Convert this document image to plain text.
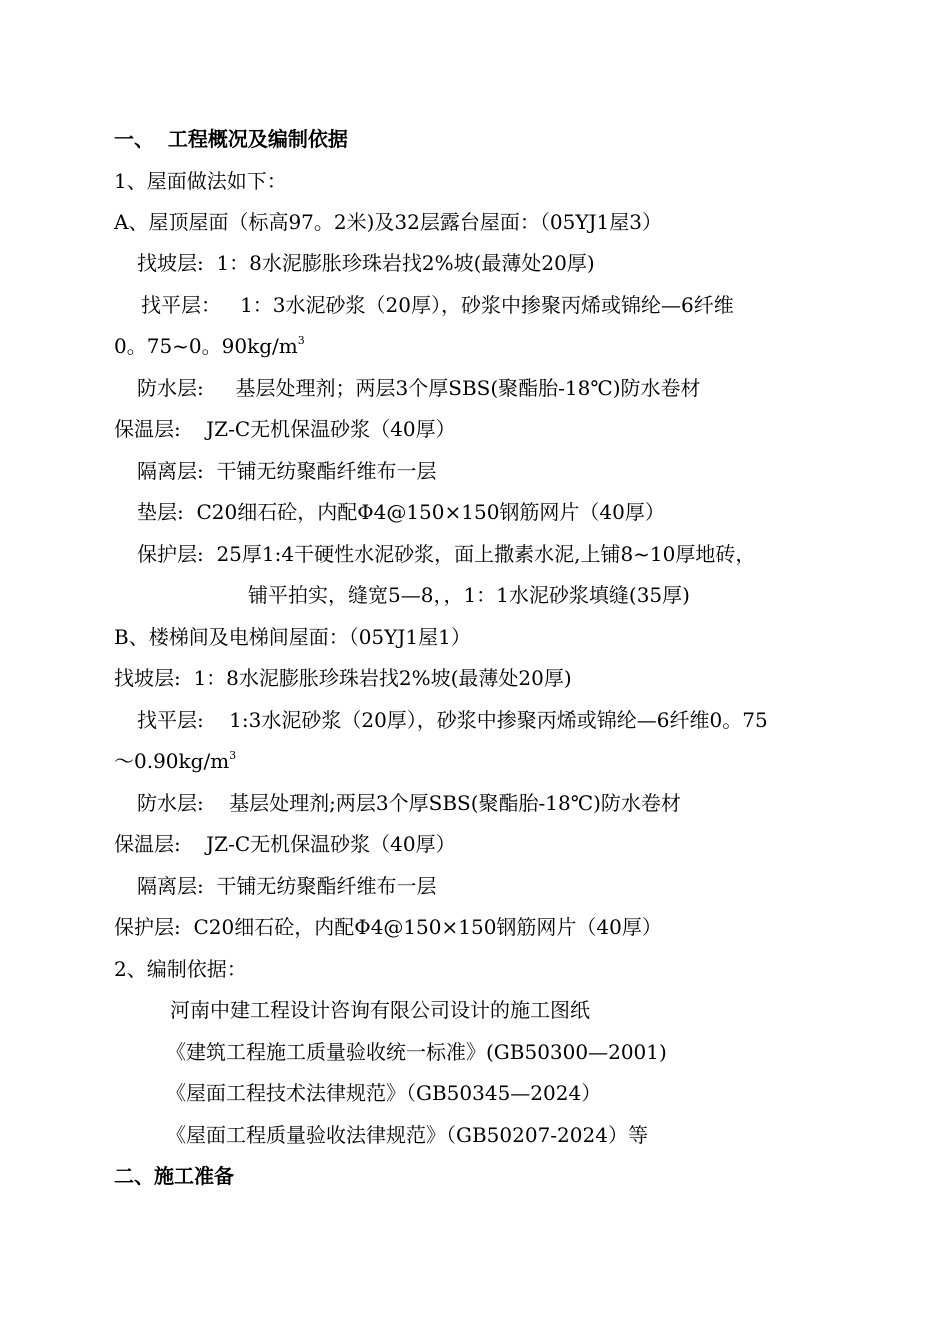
一、  工程概况及编制依据
1、屋面做法如下：
A、屋顶屋面（标高97。2米)及32层露台屋面：（05YJ1屋3）
找坡层:  1：8水泥膨胀珍珠岩找2%坡(最薄处20厚)
找平层：   1：3水泥砂浆（20厚），砂浆中掺聚丙烯或锦纶—6纤维
0。75~0。$90kg/m^3$
防水层:     基层处理剂；两层3个厚SBS(聚酯胎-18℃)防水卷材
保温层:    JZ-C无机保温砂浆（40厚）
隔离层:  干铺无纺聚酯纤维布一层
垫层:  C20细石砼，内配Φ4@150×150钢筋网片（40厚）
保护层:  25厚1:4干硬性水泥砂浆，面上撒素水泥,上铺8~10厚地砖，
铺平拍实，缝宽5—8，，1：1水泥砂浆填缝(35厚)
B、楼梯间及电梯间屋面：（05YJ1屋1）
找坡层:  1：8水泥膨胀珍珠岩找2%坡(最薄处20厚)
找平层:    1:3水泥砂浆（20厚），砂浆中掺聚丙烯或锦纶—6纤维0。75
$\sim 0.90kg/m^3$
防水层:    基层处理剂;两层3个厚SBS(聚酯胎-18℃)防水卷材
保温层:    JZ-C无机保温砂浆（40厚）
隔离层:  干铺无纺聚酯纤维布一层
保护层:  C20细石砼，内配Φ4@150×150钢筋网片（40厚）
2、编制依据：
河南中建工程设计咨询有限公司设计的施工图纸
《建筑工程施工质量验收统一标准》(GB50300—2001)
《屋面工程技术法律规范》（GB50345—2024）
《屋面工程质量验收法律规范》（GB50207-2024）等
二、施工准备
